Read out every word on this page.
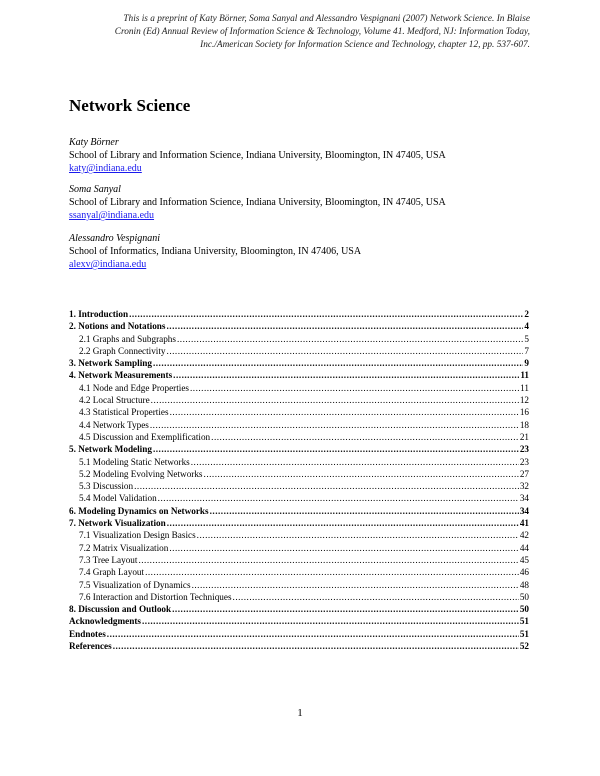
This is a preprint of Katy Börner, Soma Sanyal and Alessandro Vespignani (2007) Network Science. In Blaise
Cronin (Ed) Annual Review of Information Science & Technology, Volume 41. Medford, NJ: Information Today,
Inc./American Society for Information Science and Technology, chapter 12, pp. 537-607.
Network Science
Katy Börner
School of Library and Information Science, Indiana University, Bloomington, IN 47405, USA
katy@indiana.edu
Soma Sanyal
School of Library and Information Science, Indiana University, Bloomington, IN 47405, USA
ssanyal@indiana.edu
Alessandro Vespignani
School of Informatics, Indiana University, Bloomington, IN 47406, USA
alexv@indiana.edu
1. Introduction .....	2
2. Notions and Notations .....	4
2.1 Graphs and Subgraphs .....	5
2.2 Graph Connectivity .....	7
3. Network Sampling .....	9
4. Network Measurements .....	11
4.1 Node and Edge Properties .....	11
4.2 Local Structure .....	12
4.3 Statistical Properties .....	16
4.4 Network Types .....	18
4.5 Discussion and Exemplification .....	21
5. Network Modeling .....	23
5.1 Modeling Static Networks .....	23
5.2 Modeling Evolving Networks .....	27
5.3 Discussion .....	32
5.4 Model Validation .....	34
6. Modeling Dynamics on Networks .....	34
7. Network Visualization .....	41
7.1 Visualization Design Basics .....	42
7.2 Matrix Visualization .....	44
7.3 Tree Layout .....	45
7.4 Graph Layout .....	46
7.5 Visualization of Dynamics .....	48
7.6 Interaction and Distortion Techniques .....	50
8. Discussion and Outlook .....	50
Acknowledgments .....	51
Endnotes .....	51
References .....	52
1
